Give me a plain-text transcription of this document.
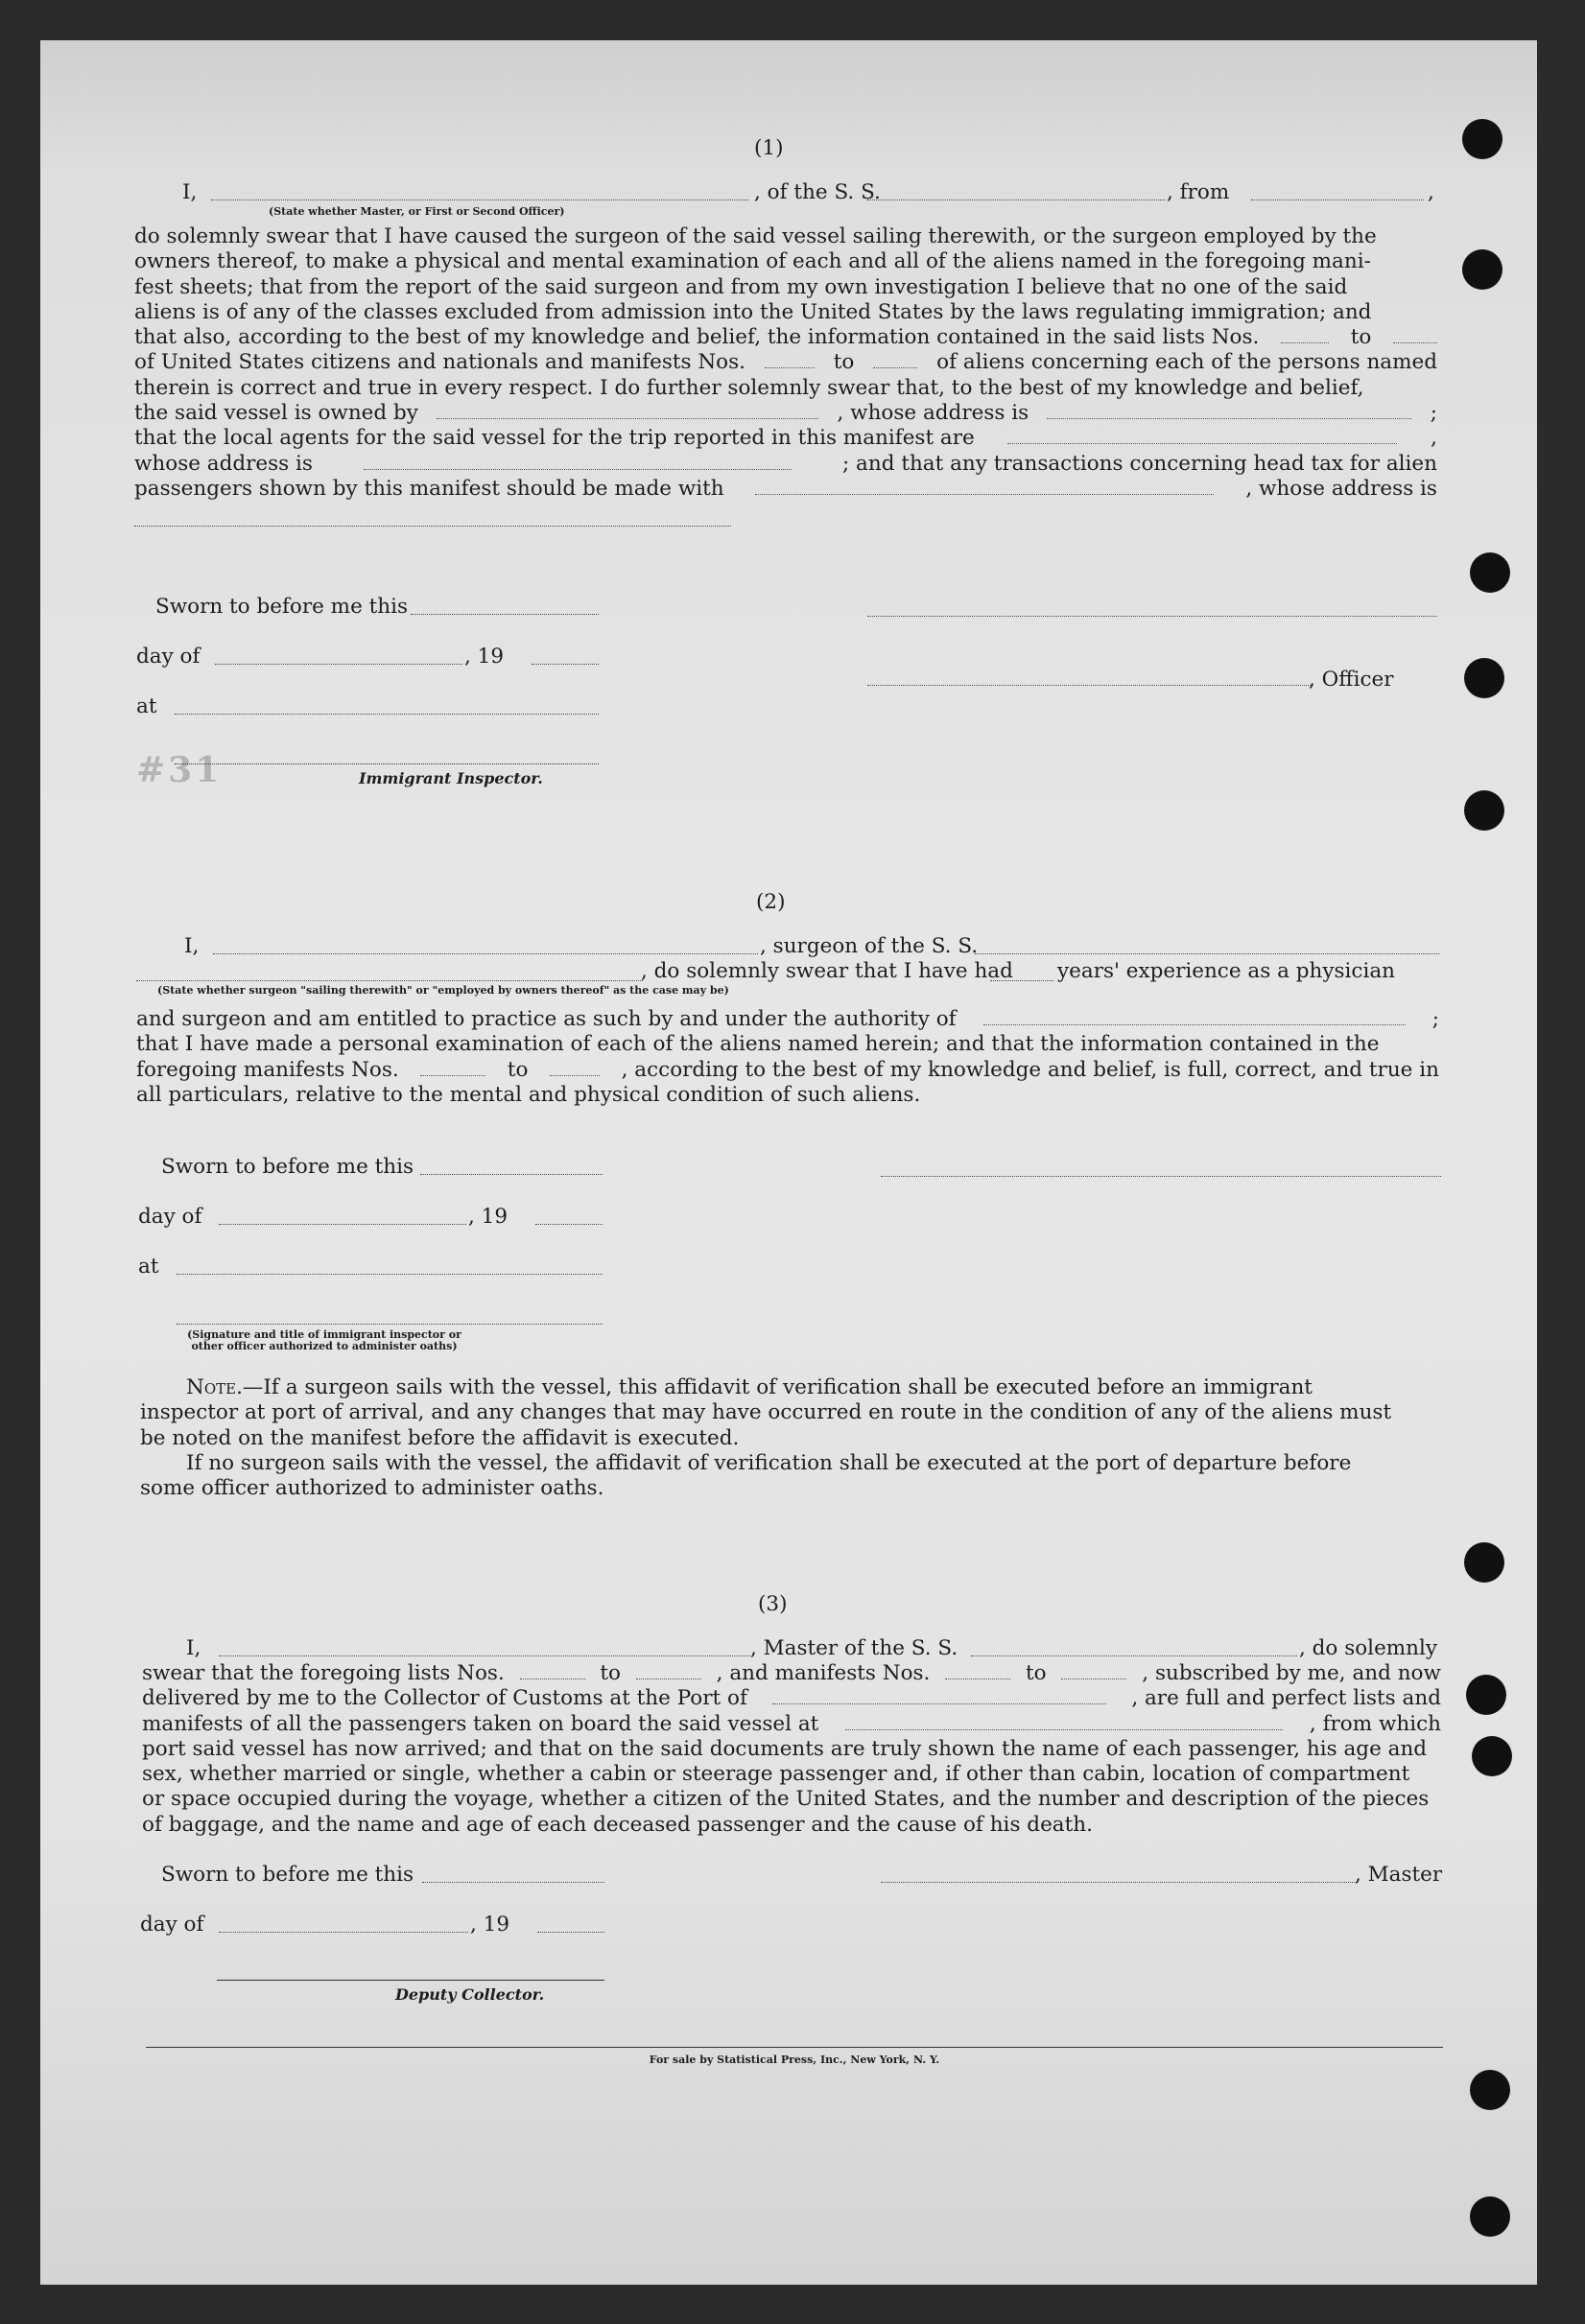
#31
(1)
I,	, of the S. S.	, from	,
(State whether Master, or First or Second Officer)
do solemnly swear that I have caused the surgeon of the said vessel sailing therewith, or the surgeon employed by the
owners thereof, to make a physical and mental examination of each and all of the aliens named in the foregoing mani-
fest sheets; that from the report of the said surgeon and from my own investigation I believe that no one of the said
aliens is of any of the classes excluded from admission into the United States by the laws regulating immigration; and
that also, according to the best of my knowledge and belief, the information contained in the said lists Nos.	to
of United States citizens and nationals and manifests Nos.	to	of aliens concerning each of the persons named
therein is correct and true in every respect. I do further solemnly swear that, to the best of my knowledge and belief,
the said vessel is owned by	, whose address is	;
that the local agents for the said vessel for the trip reported in this manifest are	,
whose address is	; and that any transactions concerning head tax for alien
passengers shown by this manifest should be made with	, whose address is
Sworn to before me this
day of	, 19
, Officer
at
Immigrant Inspector.
(2)
I,	, surgeon of the S. S.
, do solemnly swear that I have had years' experience as a physician
(State whether surgeon "sailing therewith" or "employed by owners thereof" as the case may be)
and surgeon and am entitled to practice as such by and under the authority of	;
that I have made a personal examination of each of the aliens named herein; and that the information contained in the
foregoing manifests Nos.	to	, according to the best of my knowledge and belief, is full, correct, and true in
all particulars, relative to the mental and physical condition of such aliens.
Sworn to before me this
day of	, 19
at
(Signature and title of immigrant inspector or
other officer authorized to administer oaths)
Note.—If a surgeon sails with the vessel, this affidavit of verification shall be executed before an immigrant
inspector at port of arrival, and any changes that may have occurred en route in the condition of any of the aliens must
be noted on the manifest before the affidavit is executed.
If no surgeon sails with the vessel, the affidavit of verification shall be executed at the port of departure before
some officer authorized to administer oaths.
(3)
I,	, Master of the S. S.	, do solemnly
swear that the foregoing lists Nos.	to	, and manifests Nos.	to	, subscribed by me, and now
delivered by me to the Collector of Customs at the Port of	, are full and perfect lists and
manifests of all the passengers taken on board the said vessel at	, from which
port said vessel has now arrived; and that on the said documents are truly shown the name of each passenger, his age and
sex, whether married or single, whether a cabin or steerage passenger and, if other than cabin, location of compartment
or space occupied during the voyage, whether a citizen of the United States, and the number and description of the pieces
of baggage, and the name and age of each deceased passenger and the cause of his death.
Sworn to before me this	, Master
day of	, 19
Deputy Collector.
For sale by Statistical Press, Inc., New York, N. Y.
